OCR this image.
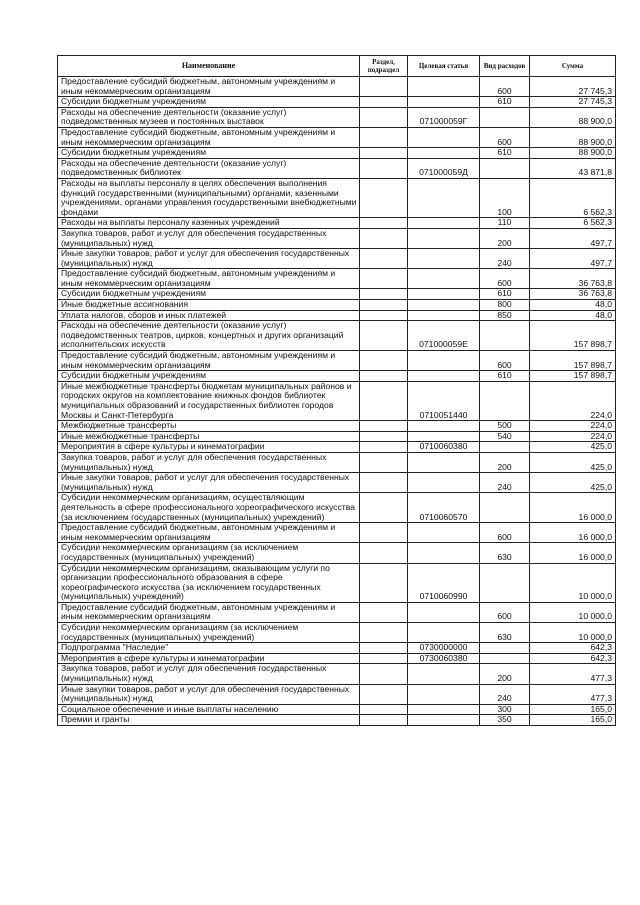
Наименование	Раздел, подраздел	Целевая статья	Вид расходов	Сумма
Предоставление субсидий бюджетным, автономным учреждениям и иным некоммерческим организациям			600	27 745,3
Субсидии бюджетным учреждениям			610	27 745,3
Расходы на обеспечение деятельности (оказание услуг) подведомственных музеев и постоянных выставок		071000059Г		88 900,0
Предоставление субсидий бюджетным, автономным учреждениям и иным некоммерческим организациям			600	88 900,0
Субсидии бюджетным учреждениям			610	88 900,0
Расходы на обеспечение деятельности (оказание услуг) подведомственных библиотек		071000059Д		43 871,8
Расходы на выплаты персоналу в целях обеспечения выполнения функций государственными (муниципальными) органами, казенными учреждениями, органами управления государственными внебюджетными фондами			100	6 562,3
Расходы на выплаты персоналу казенных учреждений			110	6 562,3
Закупка товаров, работ и услуг для обеспечения государственных (муниципальных) нужд			200	497,7
Иные закупки товаров, работ и услуг для обеспечения государственных (муниципальных) нужд			240	497,7
Предоставление субсидий бюджетным, автономным учреждениям и иным некоммерческим организациям			600	36 763,8
Субсидии бюджетным учреждениям			610	36 763,8
Иные бюджетные ассигнования			800	48,0
Уплата налогов, сборов и иных платежей			850	48,0
Расходы на обеспечение деятельности (оказание услуг) подведомственных театров, цирков, концертных и других организаций исполнительских искусств		071000059Е		157 898,7
Предоставление субсидий бюджетным, автономным учреждениям и иным некоммерческим организациям			600	157 898,7
Субсидии бюджетным учреждениям			610	157 898,7
Иные межбюджетные трансферты бюджетам муниципальных районов и городских округов на комплектование книжных фондов библиотек муниципальных образований и государственных библиотек городов Москвы и Санкт-Петербурга		0710051440		224,0
Межбюджетные трансферты			500	224,0
Иные межбюджетные трансферты			540	224,0
Мероприятия в сфере культуры и кинематографии		0710060380		425,0
Закупка товаров, работ и услуг для обеспечения государственных (муниципальных) нужд			200	425,0
Иные закупки товаров, работ и услуг для обеспечения государственных (муниципальных) нужд			240	425,0
Субсидии некоммерческим организациям, осуществляющим деятельность в сфере профессионального хореографического искусства (за исключением государственных (муниципальных) учреждений)		0710060570		16 000,0
Предоставление субсидий бюджетным, автономным учреждениям и иным некоммерческим организациям			600	16 000,0
Субсидии некоммерческим организациям (за исключением государственных (муниципальных) учреждений)			630	16 000,0
Субсидии некоммерческим организациям, оказывающим услуги по организации профессионального образования в сфере хореографического искусства (за исключением государственных (муниципальных) учреждений)		0710060990		10 000,0
Предоставление субсидий бюджетным, автономным учреждениям и иным некоммерческим организациям			600	10 000,0
Субсидии некоммерческим организациям (за исключением государственных (муниципальных) учреждений)			630	10 000,0
Подпрограмма "Наследие"		0730000000		642,3
Мероприятия в сфере культуры и кинематографии		0730060380		642,3
Закупка товаров, работ и услуг для обеспечения государственных (муниципальных) нужд			200	477,3
Иные закупки товаров, работ и услуг для обеспечения государственных (муниципальных) нужд			240	477,3
Социальное обеспечение и иные выплаты населению			300	165,0
Премии и гранты			350	165,0
